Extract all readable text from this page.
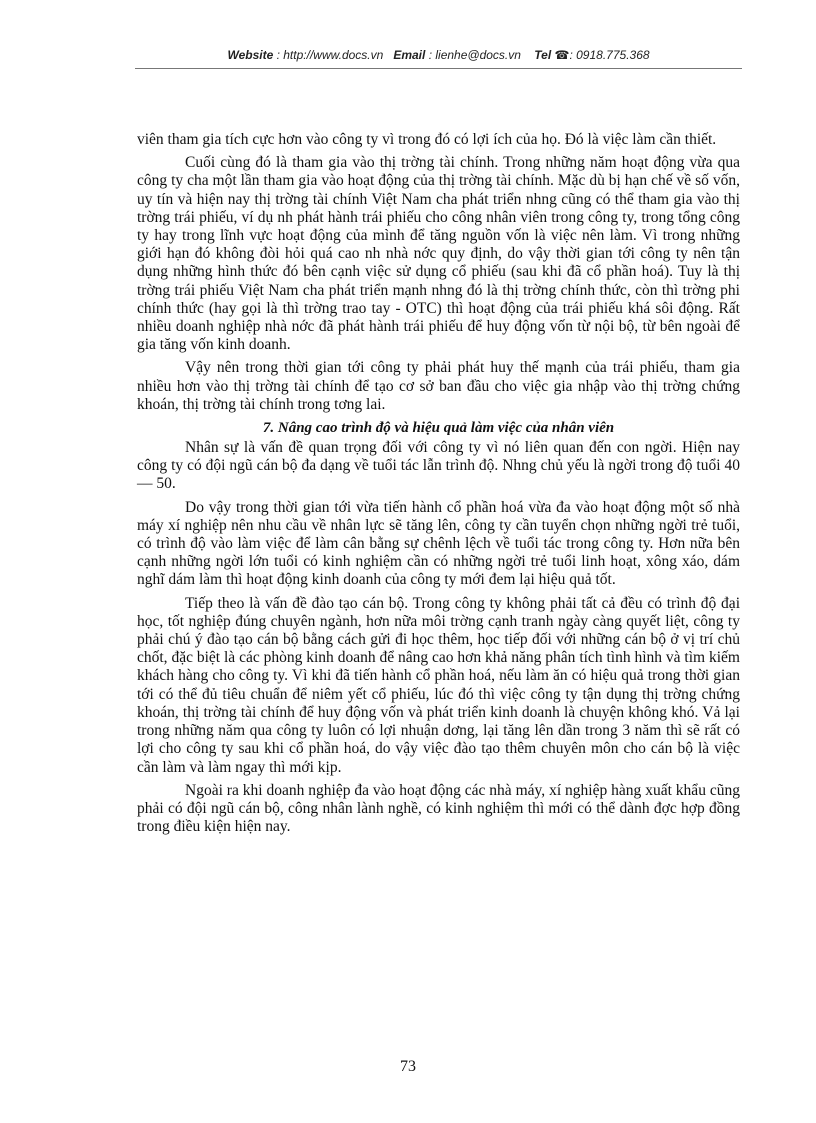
Website : http://www.docs.vn Email : lienhe@docs.vn Tel ☎: 0918.775.368

viên tham gia tích cực hơn vào công ty vì trong đó có lợi ích của họ. Đó là việc làm cần thiết.

Cuối cùng đó là tham gia vào thị trờng tài chính. Trong những năm hoạt động vừa qua công ty cha một lần tham gia vào hoạt động của thị trờng tài chính. Mặc dù bị hạn chế về số vốn, uy tín và hiện nay thị trờng tài chính Việt Nam cha phát triển nhng cũng có thể tham gia vào thị trờng trái phiếu, ví dụ nh phát hành trái phiếu cho công nhân viên trong công ty, trong tổng công ty hay trong lĩnh vực hoạt động của mình để tăng nguồn vốn là việc nên làm. Vì trong những giới hạn đó không đòi hỏi quá cao nh nhà nớc quy định, do vậy thời gian tới công ty nên tận dụng những hình thức đó bên cạnh việc sử dụng cổ phiếu (sau khi đã cổ phần hoá). Tuy là thị trờng trái phiếu Việt Nam cha phát triển mạnh nhng đó là thị trờng chính thức, còn thì trờng phi chính thức (hay gọi là thì trờng trao tay - OTC) thì hoạt động của trái phiếu khá sôi động. Rất nhiều doanh nghiệp nhà nớc đã phát hành trái phiếu để huy động vốn từ nội bộ, từ bên ngoài để gia tăng vốn kinh doanh.

Vậy nên trong thời gian tới công ty phải phát huy thế mạnh của trái phiếu, tham gia nhiều hơn vào thị trờng tài chính để tạo cơ sở ban đầu cho việc gia nhập vào thị trờng chứng khoán, thị trờng tài chính trong tơng lai.

7. Nâng cao trình độ và hiệu quả làm việc của nhân viên

Nhân sự là vấn đề quan trọng đối với công ty vì nó liên quan đến con ngời. Hiện nay công ty có đội ngũ cán bộ đa dạng về tuổi tác lẫn trình độ. Nhng chủ yếu là ngời trong độ tuổi 40 — 50.

Do vậy trong thời gian tới vừa tiến hành cổ phần hoá vừa đa vào hoạt động một số nhà máy xí nghiệp nên nhu cầu về nhân lực sẽ tăng lên, công ty cần tuyển chọn những ngời trẻ tuổi, có trình độ vào làm việc để làm cân bằng sự chênh lệch về tuổi tác trong công ty. Hơn nữa bên cạnh những ngời lớn tuổi có kinh nghiệm cần có những ngời trẻ tuổi linh hoạt, xông xáo, dám nghĩ dám làm thì hoạt động kinh doanh của công ty mới đem lại hiệu quả tốt.

Tiếp theo là vấn đề đào tạo cán bộ. Trong công ty không phải tất cả đều có trình độ đại học, tốt nghiệp đúng chuyên ngành, hơn nữa môi trờng cạnh tranh ngày càng quyết liệt, công ty phải chú ý đào tạo cán bộ bằng cách gửi đi học thêm, học tiếp đối với những cán bộ ở vị trí chủ chốt, đặc biệt là các phòng kinh doanh để nâng cao hơn khả năng phân tích tình hình và tìm kiếm khách hàng cho công ty. Vì khi đã tiến hành cổ phần hoá, nếu làm ăn có hiệu quả trong thời gian tới có thể đủ tiêu chuẩn để niêm yết cổ phiếu, lúc đó thì việc công ty tận dụng thị trờng chứng khoán, thị trờng tài chính để huy động vốn và phát triển kinh doanh là chuyện không khó. Vả lại trong những năm qua công ty luôn có lợi nhuận dơng, lại tăng lên dần trong 3 năm thì sẽ rất có lợi cho công ty sau khi cổ phần hoá, do vậy việc đào tạo thêm chuyên môn cho cán bộ là việc cần làm và làm ngay thì mới kịp.

Ngoài ra khi doanh nghiệp đa vào hoạt động các nhà máy, xí nghiệp hàng xuất khẩu cũng phải có đội ngũ cán bộ, công nhân lành nghề, có kinh nghiệm thì mới có thể dành đợc hợp đồng trong điều kiện hiện nay.

73
